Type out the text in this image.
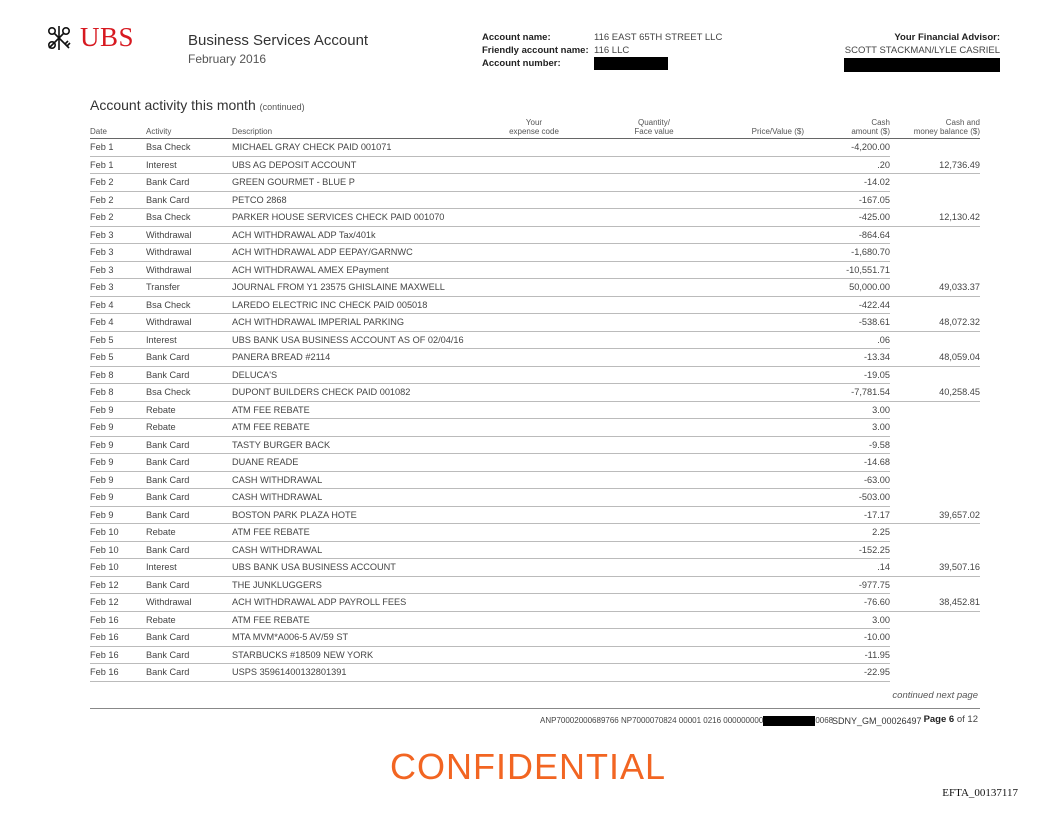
UBS	Business Services Account
February 2016
Account name:	116 EAST 65TH STREET LLC
Friendly account name: 116 LLC
Account number:
Your Financial Advisor:
SCOTT STACKMAN/LYLE CASRIEL
Account activity this month (continued)
Date	Activity	Description	Your
expense code	Quantity/
Face value	Price/Value ($)	Cash
amount ($)	Cash and
money balance ($)
Feb 1	Bsa Check	MICHAEL GRAY CHECK PAID 001071				-4,200.00	
Feb 1	Interest	UBS AG DEPOSIT ACCOUNT				.20	12,736.49
Feb 2	Bank Card	GREEN GOURMET - BLUE P				-14.02	
Feb 2	Bank Card	PETCO 2868				-167.05	
Feb 2	Bsa Check	PARKER HOUSE SERVICES CHECK PAID 001070				-425.00	12,130.42
Feb 3	Withdrawal	ACH WITHDRAWAL ADP Tax/401k				-864.64	
Feb 3	Withdrawal	ACH WITHDRAWAL ADP EEPAY/GARNWC				-1,680.70	
Feb 3	Withdrawal	ACH WITHDRAWAL AMEX EPayment				-10,551.71	
Feb 3	Transfer	JOURNAL FROM Y1 23575 GHISLAINE MAXWELL				50,000.00	49,033.37
Feb 4	Bsa Check	LAREDO ELECTRIC INC CHECK PAID 005018				-422.44	
Feb 4	Withdrawal	ACH WITHDRAWAL IMPERIAL PARKING				-538.61	48,072.32
Feb 5	Interest	UBS BANK USA BUSINESS ACCOUNT AS OF 02/04/16				.06	
Feb 5	Bank Card	PANERA BREAD #2114				-13.34	48,059.04
Feb 8	Bank Card	DELUCA'S				-19.05	
Feb 8	Bsa Check	DUPONT BUILDERS CHECK PAID 001082				-7,781.54	40,258.45
Feb 9	Rebate	ATM FEE REBATE				3.00	
Feb 9	Rebate	ATM FEE REBATE				3.00	
Feb 9	Bank Card	TASTY BURGER BACK				-9.58	
Feb 9	Bank Card	DUANE READE				-14.68	
Feb 9	Bank Card	CASH WITHDRAWAL				-63.00	
Feb 9	Bank Card	CASH WITHDRAWAL				-503.00	
Feb 9	Bank Card	BOSTON PARK PLAZA HOTE				-17.17	39,657.02
Feb 10	Rebate	ATM FEE REBATE				2.25	
Feb 10	Bank Card	CASH WITHDRAWAL				-152.25	
Feb 10	Interest	UBS BANK USA BUSINESS ACCOUNT				.14	39,507.16
Feb 12	Bank Card	THE JUNKLUGGERS				-977.75	
Feb 12	Withdrawal	ACH WITHDRAWAL ADP PAYROLL FEES				-76.60	38,452.81
Feb 16	Rebate	ATM FEE REBATE				3.00	
Feb 16	Bank Card	MTA MVM*A006-5 AV/59 ST				-10.00	
Feb 16	Bank Card	STARBUCKS #18509 NEW YORK				-11.95	
Feb 16	Bank Card	USPS 35961400132801391				-22.95	
continued next page
ANP70002000689766 NP7000070824 00001 0216 000000000	0068
SDNY_GM_00026497 Page 6 of 12
CONFIDENTIAL
EFTA_00137117
